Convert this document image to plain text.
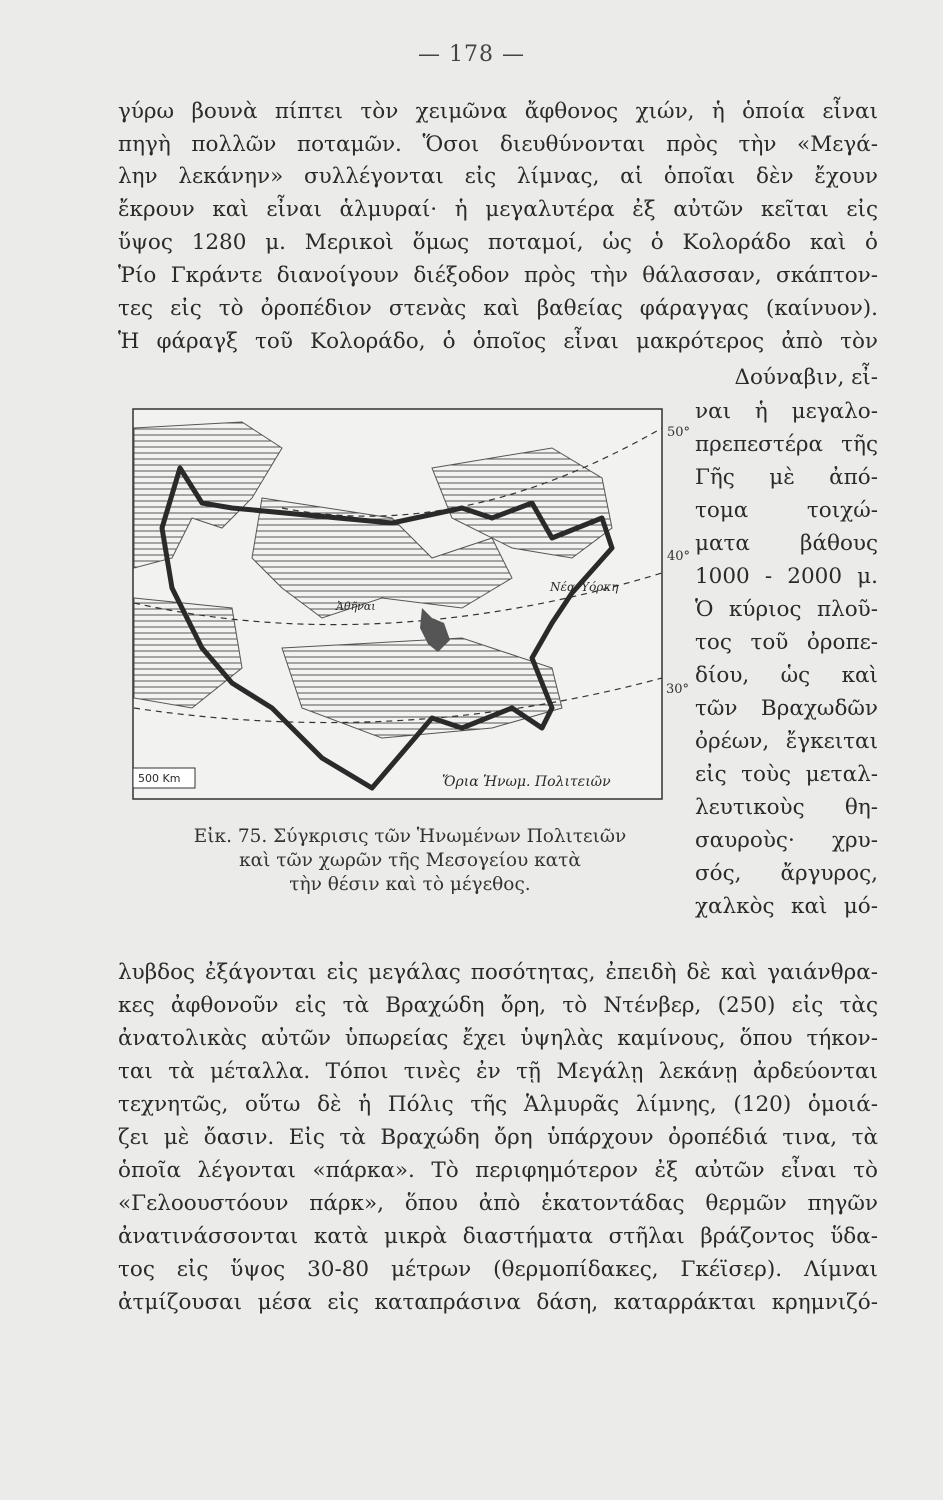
— 178 —
γύρω βουνὰ πίπτει τὸν χειμῶνα ἄφθονος χιών, ἡ ὁποία εἶναι
πηγὴ πολλῶν ποταμῶν. Ὅσοι διευθύνονται πρὸς τὴν «Μεγά-
λην λεκάνην» συλλέγονται εἰς λίμνας, αἱ ὁποῖαι δὲν ἔχουν
ἔκρουν καὶ εἶναι ἁλμυραί· ἡ μεγαλυτέρα ἐξ αὐτῶν κεῖται εἰς
ὕψος 1280 μ. Μερικοὶ ὅμως ποταμοί, ὡς ὁ Κολοράδο καὶ ὁ
Ῥίο Γκράντε διανοίγουν διέξοδον πρὸς τὴν θάλασσαν, σκάπτον-
τες εἰς τὸ ὀροπέδιον στενὰς καὶ βαθείας φάραγγας (καίνυον).
Ἡ φάραγξ τοῦ Κολοράδο, ὁ ὁποῖος εἶναι μακρότερος ἀπὸ τὸν
Δούναβιν, εἶ-
ναι ἡ μεγαλο-
πρεπεστέρα τῆς
Γῆς μὲ ἀπό-
τομα τοιχώ-
ματα βάθους
1000 - 2000 μ.
Ὁ κύριος πλοῦ-
τος τοῦ ὀροπε-
δίου, ὡς καὶ
τῶν Βραχωδῶν
ὀρέων, ἔγκειται
εἰς τοὺς μεταλ-
λευτικοὺς θη-
σαυροὺς· χρυ-
σός, ἄργυρος,
χαλκὸς καὶ μό-
500 Km
Νέα Ὑόρκη
Ἀθῆναι
Ὅρια Ἡνωμ. Πολιτειῶν
50°
40°
30°
Εἰκ. 75. Σύγκρισις τῶν Ἡνωμένων Πολιτειῶν
καὶ τῶν χωρῶν τῆς Μεσογείου κατὰ
τὴν θέσιν καὶ τὸ μέγεθος.
λυβδος ἐξάγονται εἰς μεγάλας ποσότητας, ἐπειδὴ δὲ καὶ γαιάνθρα-
κες ἀφθονοῦν εἰς τὰ Βραχώδη ὄρη, τὸ Ντένβερ, (250) εἰς τὰς
ἀνατολικὰς αὐτῶν ὑπωρείας ἔχει ὑψηλὰς καμίνους, ὅπου τήκον-
ται τὰ μέταλλα. Τόποι τινὲς ἐν τῇ Μεγάλῃ λεκάνῃ ἀρδεύονται
τεχνητῶς, οὕτω δὲ ἡ Πόλις τῆς Ἁλμυρᾶς λίμνης, (120) ὁμοιά-
ζει μὲ ὄασιν. Εἰς τὰ Βραχώδη ὄρη ὑπάρχουν ὀροπέδιά τινα, τὰ
ὁποῖα λέγονται «πάρκα». Τὸ περιφημότερον ἐξ αὐτῶν εἶναι τὸ
«Γελοουστόουν πάρκ», ὅπου ἀπὸ ἑκατοντάδας θερμῶν πηγῶν
ἀνατινάσσονται κατὰ μικρὰ διαστήματα στῆλαι βράζοντος ὕδα-
τος εἰς ὕψος 30-80 μέτρων (θερμοπίδακες, Γκέϊσερ). Λίμναι
ἀτμίζουσαι μέσα εἰς καταπράσινα δάση, καταρράκται κρημνιζό-
